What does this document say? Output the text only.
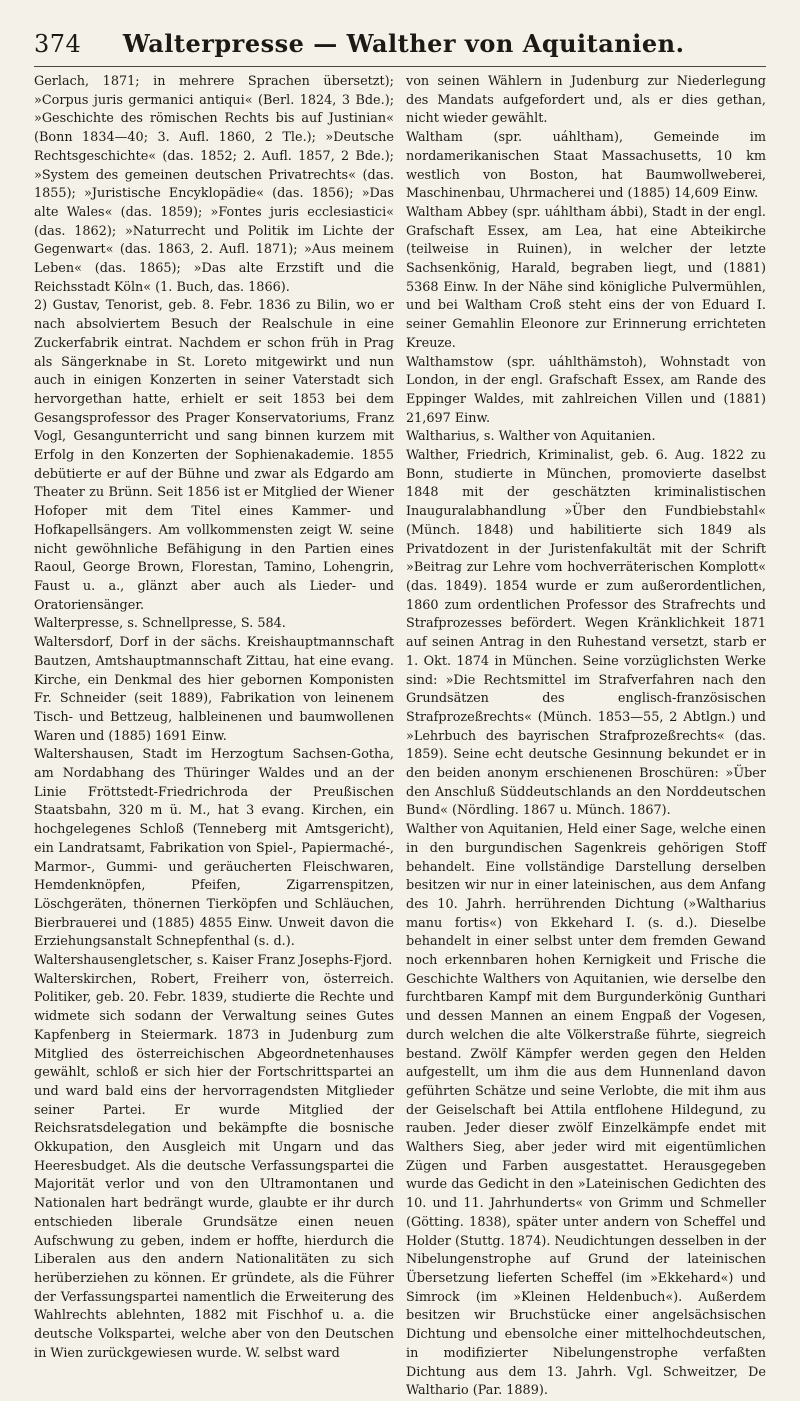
374	Walterpresse — Walther von Aquitanien.

Gerlach, 1871; in mehrere Sprachen übersetzt); »Corpus juris germanici antiqui« (Berl. 1824, 3 Bde.); »Geschichte des römischen Rechts bis auf Justinian« (Bonn 1834—40; 3. Aufl. 1860, 2 Tle.); »Deutsche Rechtsgeschichte« (das. 1852; 2. Aufl. 1857, 2 Bde.); »System des gemeinen deutschen Privatrechts« (das. 1855); »Juristische Encyklopädie« (das. 1856); »Das alte Wales« (das. 1859); »Fontes juris ecclesiastici« (das. 1862); »Naturrecht und Politik im Lichte der Gegenwart« (das. 1863, 2. Aufl. 1871); »Aus meinem Leben« (das. 1865); »Das alte Erzstift und die Reichsstadt Köln« (1. Buch, das. 1866).

2) Gustav, Tenorist, geb. 8. Febr. 1836 zu Bilin, wo er nach absolviertem Besuch der Realschule in eine Zuckerfabrik eintrat. Nachdem er schon früh in Prag als Sängerknabe in St. Loreto mitgewirkt und nun auch in einigen Konzerten in seiner Vaterstadt sich hervorgethan hatte, erhielt er seit 1853 bei dem Gesangsprofessor des Prager Konservatoriums, Franz Vogl, Gesangunterricht und sang binnen kurzem mit Erfolg in den Konzerten der Sophienakademie. 1855 debütierte er auf der Bühne und zwar als Edgardo am Theater zu Brünn. Seit 1856 ist er Mitglied der Wiener Hofoper mit dem Titel eines Kammer- und Hofkapellsängers. Am vollkommensten zeigt W. seine nicht gewöhnliche Befähigung in den Partien eines Raoul, George Brown, Florestan, Tamino, Lohengrin, Faust u. a., glänzt aber auch als Lieder- und Oratoriensänger.

Walterpresse, s. Schnellpresse, S. 584.

Waltersdorf, Dorf in der sächs. Kreishauptmannschaft Bautzen, Amtshauptmannschaft Zittau, hat eine evang. Kirche, ein Denkmal des hier gebornen Komponisten Fr. Schneider (seit 1889), Fabrikation von leinenem Tisch- und Bettzeug, halbleinenen und baumwollenen Waren und (1885) 1691 Einw.

Waltershausen, Stadt im Herzogtum Sachsen-Gotha, am Nordabhang des Thüringer Waldes und an der Linie Fröttstedt-Friedrichroda der Preußischen Staatsbahn, 320 m ü. M., hat 3 evang. Kirchen, ein hochgelegenes Schloß (Tenneberg mit Amtsgericht), ein Landratsamt, Fabrikation von Spiel-, Papiermaché-, Marmor-, Gummi- und geräucherten Fleischwaren, Hemdenknöpfen, Pfeifen, Zigarrenspitzen, Löschgeräten, thönernen Tierköpfen und Schläuchen, Bierbrauerei und (1885) 4855 Einw. Unweit davon die Erziehungsanstalt Schnepfenthal (s. d.).

Waltershausengletscher, s. Kaiser Franz Josephs-Fjord.

Walterskirchen, Robert, Freiherr von, österreich. Politiker, geb. 20. Febr. 1839, studierte die Rechte und widmete sich sodann der Verwaltung seines Gutes Kapfenberg in Steiermark. 1873 in Judenburg zum Mitglied des österreichischen Abgeordnetenhauses gewählt, schloß er sich hier der Fortschrittspartei an und ward bald eins der hervorragendsten Mitglieder seiner Partei. Er wurde Mitglied der Reichsratsdelegation und bekämpfte die bosnische Okkupation, den Ausgleich mit Ungarn und das Heeresbudget. Als die deutsche Verfassungspartei die Majorität verlor und von den Ultramontanen und Nationalen hart bedrängt wurde, glaubte er ihr durch entschieden liberale Grundsätze einen neuen Aufschwung zu geben, indem er hoffte, hierdurch die Liberalen aus den andern Nationalitäten zu sich herüberziehen zu können. Er gründete, als die Führer der Verfassungspartei namentlich die Erweiterung des Wahlrechts ablehnten, 1882 mit Fischhof u. a. die deutsche Volkspartei, welche aber von den Deutschen in Wien zurückgewiesen wurde. W. selbst ward

von seinen Wählern in Judenburg zur Niederlegung des Mandats aufgefordert und, als er dies gethan, nicht wieder gewählt.

Waltham (spr. uáhltham), Gemeinde im nordamerikanischen Staat Massachusetts, 10 km westlich von Boston, hat Baumwollweberei, Maschinenbau, Uhrmacherei und (1885) 14,609 Einw.

Waltham Abbey (spr. uáhltham ábbi), Stadt in der engl. Grafschaft Essex, am Lea, hat eine Abteikirche (teilweise in Ruinen), in welcher der letzte Sachsenkönig, Harald, begraben liegt, und (1881) 5368 Einw. In der Nähe sind königliche Pulvermühlen, und bei Waltham Croß steht eins der von Eduard I. seiner Gemahlin Eleonore zur Erinnerung errichteten Kreuze.

Walthamstow (spr. uáhlthämstoh), Wohnstadt von London, in der engl. Grafschaft Essex, am Rande des Eppinger Waldes, mit zahlreichen Villen und (1881) 21,697 Einw.

Waltharius, s. Walther von Aquitanien.

Walther, Friedrich, Kriminalist, geb. 6. Aug. 1822 zu Bonn, studierte in München, promovierte daselbst 1848 mit der geschätzten kriminalistischen Inauguralabhandlung »Über den Fundbiebstahl« (Münch. 1848) und habilitierte sich 1849 als Privatdozent in der Juristenfakultät mit der Schrift »Beitrag zur Lehre vom hochverräterischen Komplott« (das. 1849). 1854 wurde er zum außerordentlichen, 1860 zum ordentlichen Professor des Strafrechts und Strafprozesses befördert. Wegen Kränklichkeit 1871 auf seinen Antrag in den Ruhestand versetzt, starb er 1. Okt. 1874 in München. Seine vorzüglichsten Werke sind: »Die Rechtsmittel im Strafverfahren nach den Grundsätzen des englisch-französischen Strafprozeßrechts« (Münch. 1853—55, 2 Abtlgn.) und »Lehrbuch des bayrischen Strafprozeßrechts« (das. 1859). Seine echt deutsche Gesinnung bekundet er in den beiden anonym erschienenen Broschüren: »Über den Anschluß Süddeutschlands an den Norddeutschen Bund« (Nördling. 1867 u. Münch. 1867).

Walther von Aquitanien, Held einer Sage, welche einen in den burgundischen Sagenkreis gehörigen Stoff behandelt. Eine vollständige Darstellung derselben besitzen wir nur in einer lateinischen, aus dem Anfang des 10. Jahrh. herrührenden Dichtung (»Waltharius manu fortis«) von Ekkehard I. (s. d.). Dieselbe behandelt in einer selbst unter dem fremden Gewand noch erkennbaren hohen Kernigkeit und Frische die Geschichte Walthers von Aquitanien, wie derselbe den furchtbaren Kampf mit dem Burgunderkönig Gunthari und dessen Mannen an einem Engpaß der Vogesen, durch welchen die alte Völkerstraße führte, siegreich bestand. Zwölf Kämpfer werden gegen den Helden aufgestellt, um ihm die aus dem Hunnenland davon geführten Schätze und seine Verlobte, die mit ihm aus der Geiselschaft bei Attila entflohene Hildegund, zu rauben. Jeder dieser zwölf Einzelkämpfe endet mit Walthers Sieg, aber jeder wird mit eigentümlichen Zügen und Farben ausgestattet. Herausgegeben wurde das Gedicht in den »Lateinischen Gedichten des 10. und 11. Jahrhunderts« von Grimm und Schmeller (Götting. 1838), später unter andern von Scheffel und Holder (Stuttg. 1874). Neudichtungen desselben in der Nibelungenstrophe auf Grund der lateinischen Übersetzung lieferten Scheffel (im »Ekkehard«) und Simrock (im »Kleinen Heldenbuch«). Außerdem besitzen wir Bruchstücke einer angelsächsischen Dichtung und ebensolche einer mittelhochdeutschen, in modifizierter Nibelungenstrophe verfaßten Dichtung aus dem 13. Jahrh. Vgl. Schweitzer, De Walthario (Par. 1889).
